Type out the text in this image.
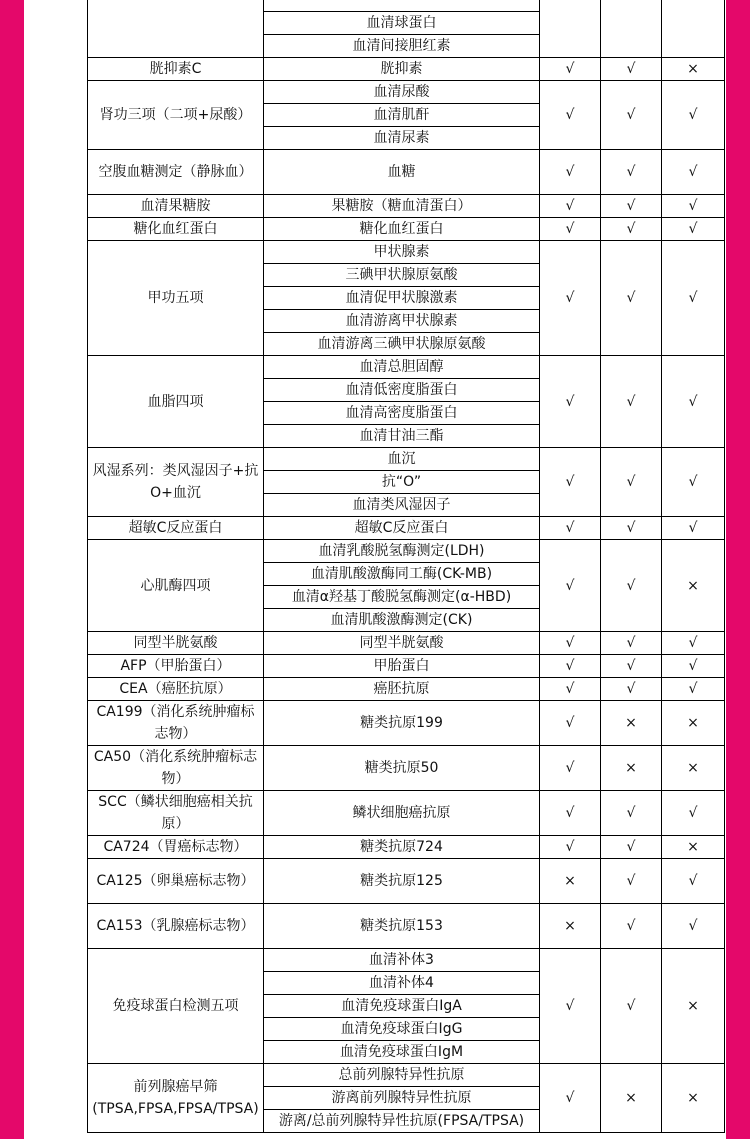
	血清球蛋白			
	血清间接胆红素			
胱抑素C	胱抑素	√	√	×
肾功三项（二项+尿酸）	血清尿酸	√	√	√
	血清肌酐			
	血清尿素			
空腹血糖测定（静脉血）	血糖	√	√	√
血清果糖胺	果糖胺（糖血清蛋白）	√	√	√
糖化血红蛋白	糖化血红蛋白	√	√	√
甲功五项	甲状腺素	√	√	√
	三碘甲状腺原氨酸			
	血清促甲状腺激素			
	血清游离甲状腺素			
	血清游离三碘甲状腺原氨酸			
血脂四项	血清总胆固醇	√	√	√
	血清低密度脂蛋白			
	血清高密度脂蛋白			
	血清甘油三酯			
风湿系列：类风湿因子+抗O+血沉	血沉	√	√	√
	抗“O”			
	血清类风湿因子			
超敏C反应蛋白	超敏C反应蛋白	√	√	√
心肌酶四项	血清乳酸脱氢酶测定(LDH)	√	√	×
	血清肌酸激酶同工酶(CK-MB)			
	血清α羟基丁酸脱氢酶测定(α-HBD)			
	血清肌酸激酶测定(CK)			
同型半胱氨酸	同型半胱氨酸	√	√	√
AFP（甲胎蛋白）	甲胎蛋白	√	√	√
CEA（癌胚抗原）	癌胚抗原	√	√	√
CA199（消化系统肿瘤标志物）	糖类抗原199	√	×	×
CA50（消化系统肿瘤标志物）	糖类抗原50	√	×	×
SCC（鳞状细胞癌相关抗原）	鳞状细胞癌抗原	√	√	√
CA724（胃癌标志物）	糖类抗原724	√	√	×
CA125（卵巢癌标志物）	糖类抗原125	×	√	√
CA153（乳腺癌标志物）	糖类抗原153	×	√	√
免疫球蛋白检测五项	血清补体3	√	√	×
	血清补体4			
	血清免疫球蛋白IgA			
	血清免疫球蛋白IgG			
	血清免疫球蛋白IgM			
前列腺癌早筛(TPSA,FPSA,FPSA/TPSA)	总前列腺特异性抗原	√	×	×
	游离前列腺特异性抗原			
	游离/总前列腺特异性抗原(FPSA/TPSA)			
